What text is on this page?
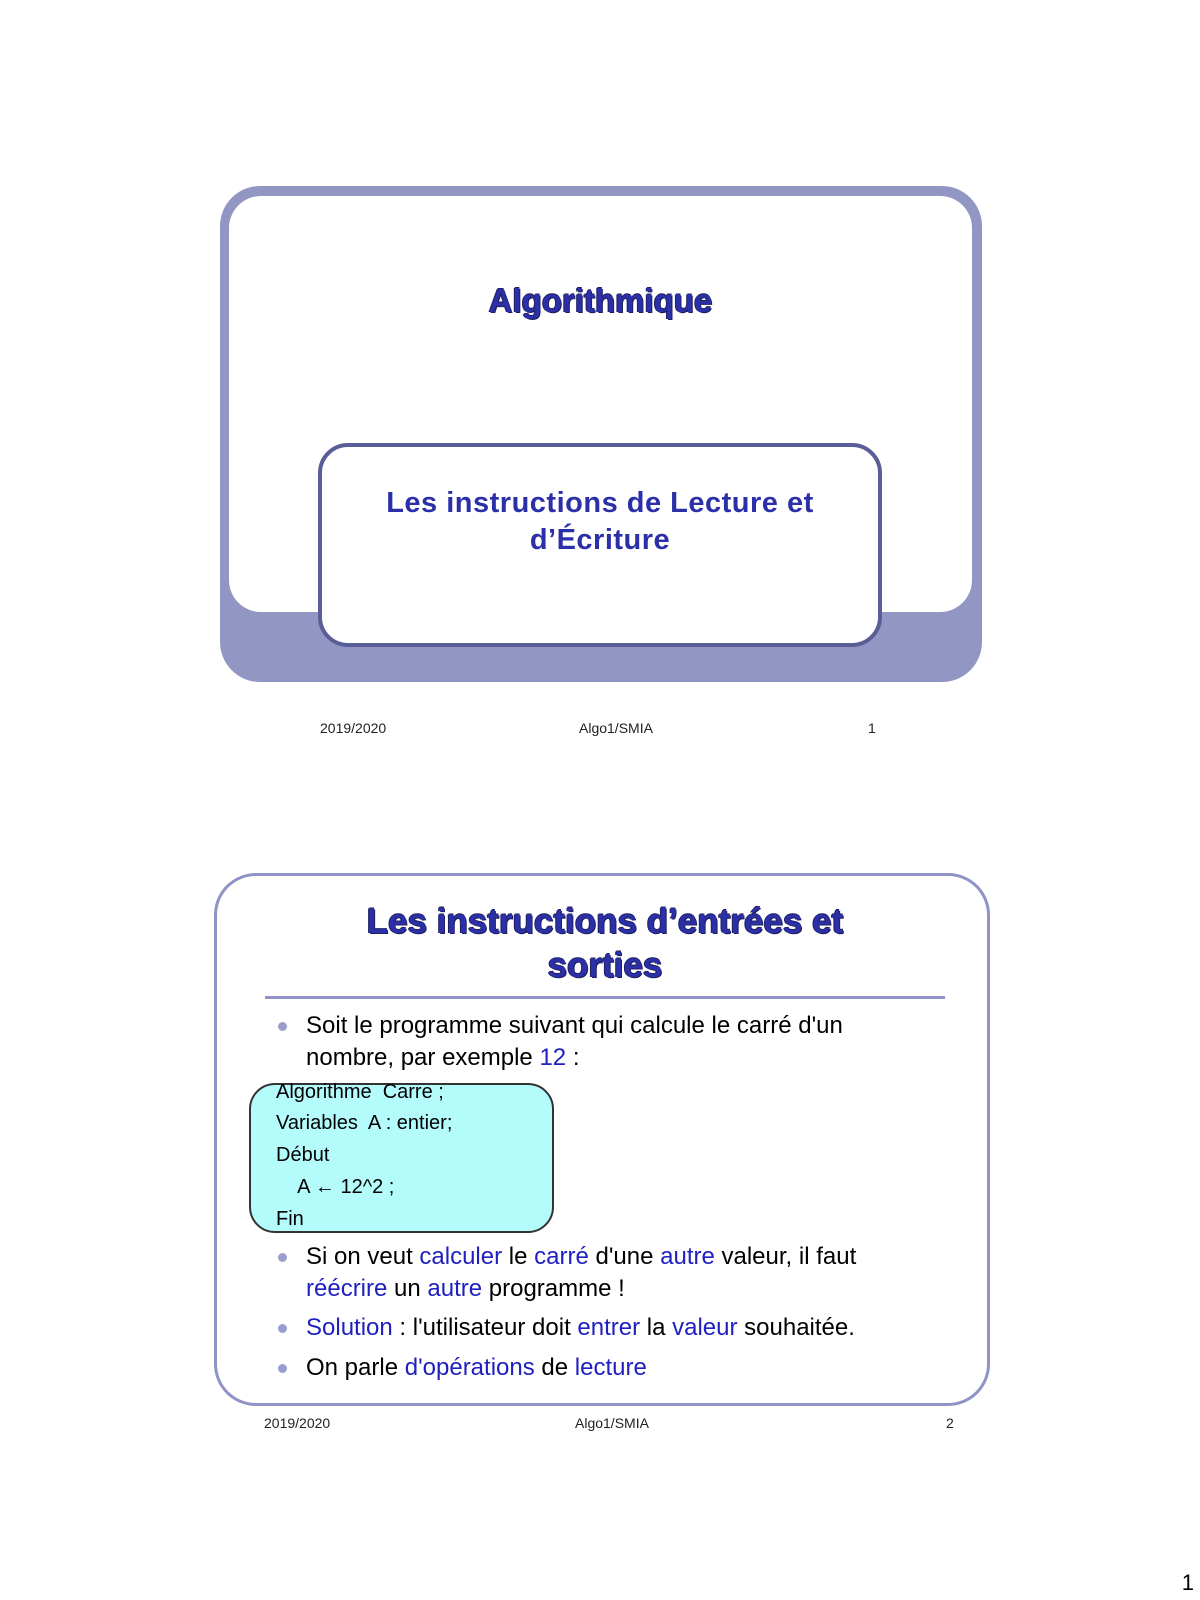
Algorithmique
Les instructions de Lecture et
d’Écriture
2019/2020	Algo1/SMIA	1
Les instructions d’entrées et
sorties
Soit le programme suivant qui calcule le carré d'un
nombre, par exemple 12 :
Algorithme  Carre ;
Variables  A : entier;
Début
A ← 12^2 ;
Fin
Si on veut calculer le carré d'une autre valeur, il faut
réécrire un autre programme !
Solution : l'utilisateur doit entrer la valeur souhaitée.
On parle d'opérations de lecture
2019/2020	Algo1/SMIA	2
1
